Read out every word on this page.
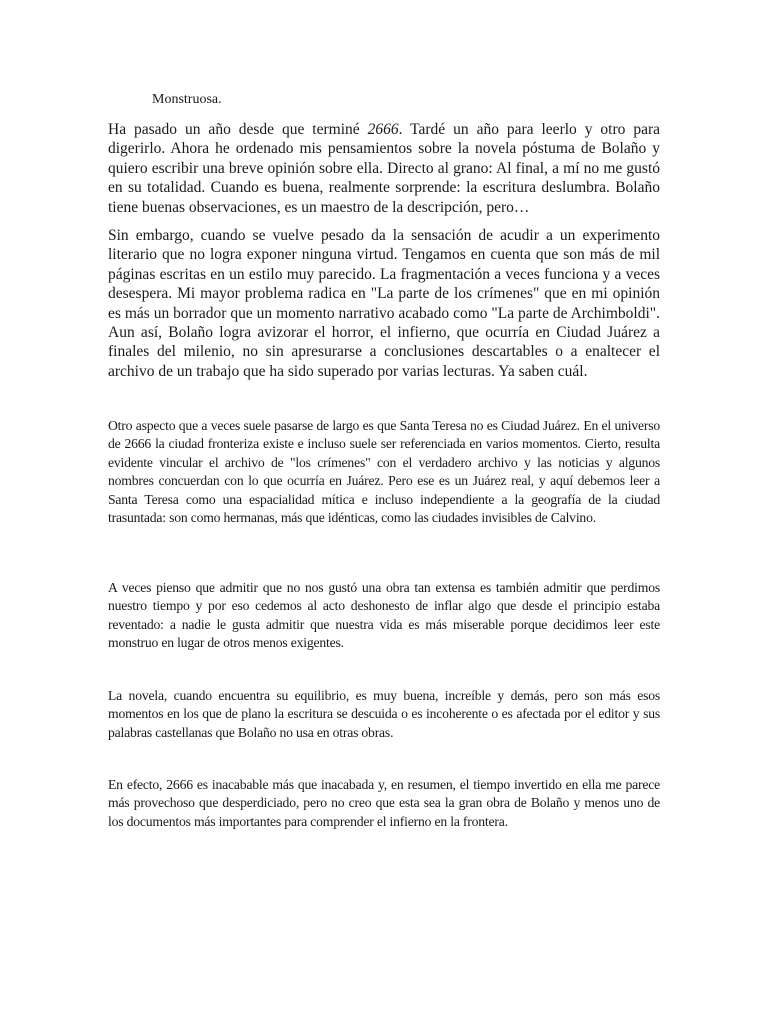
Monstruosa.

Ha pasado un año desde que terminé 2666. Tardé un año para leerlo y otro para digerirlo. Ahora he ordenado mis pensamientos sobre la novela póstuma de Bolaño y quiero escribir una breve opinión sobre ella. Directo al grano: Al final, a mí no me gustó en su totalidad. Cuando es buena, realmente sorprende: la escritura deslumbra. Bolaño tiene buenas observaciones, es un maestro de la descripción, pero…

Sin embargo, cuando se vuelve pesado da la sensación de acudir a un experimento literario que no logra exponer ninguna virtud. Tengamos en cuenta que son más de mil páginas escritas en un estilo muy parecido. La fragmentación a veces funciona y a veces desespera. Mi mayor problema radica en "La parte de los crímenes" que en mi opinión es más un borrador que un momento narrativo acabado como "La parte de Archimboldi". Aun así, Bolaño logra avizorar el horror, el infierno, que ocurría en Ciudad Juárez a finales del milenio, no sin apresurarse a conclusiones descartables o a enaltecer el archivo de un trabajo que ha sido superado por varias lecturas. Ya saben cuál.

Otro aspecto que a veces suele pasarse de largo es que Santa Teresa no es Ciudad Juárez. En el universo de 2666 la ciudad fronteriza existe e incluso suele ser referenciada en varios momentos. Cierto, resulta evidente vincular el archivo de "los crímenes" con el verdadero archivo y las noticias y algunos nombres concuerdan con lo que ocurría en Juárez. Pero ese es un Juárez real, y aquí debemos leer a Santa Teresa como una espacialidad mítica e incluso independiente a la geografía de la ciudad trasuntada: son como hermanas, más que idénticas, como las ciudades invisibles de Calvino.

A veces pienso que admitir que no nos gustó una obra tan extensa es también admitir que perdimos nuestro tiempo y por eso cedemos al acto deshonesto de inflar algo que desde el principio estaba reventado: a nadie le gusta admitir que nuestra vida es más miserable porque decidimos leer este monstruo en lugar de otros menos exigentes.

La novela, cuando encuentra su equilibrio, es muy buena, increíble y demás, pero son más esos momentos en los que de plano la escritura se descuida o es incoherente o es afectada por el editor y sus palabras castellanas que Bolaño no usa en otras obras.

En efecto, 2666 es inacabable más que inacabada y, en resumen, el tiempo invertido en ella me parece más provechoso que desperdiciado, pero no creo que esta sea la gran obra de Bolaño y menos uno de los documentos más importantes para comprender el infierno en la frontera.
